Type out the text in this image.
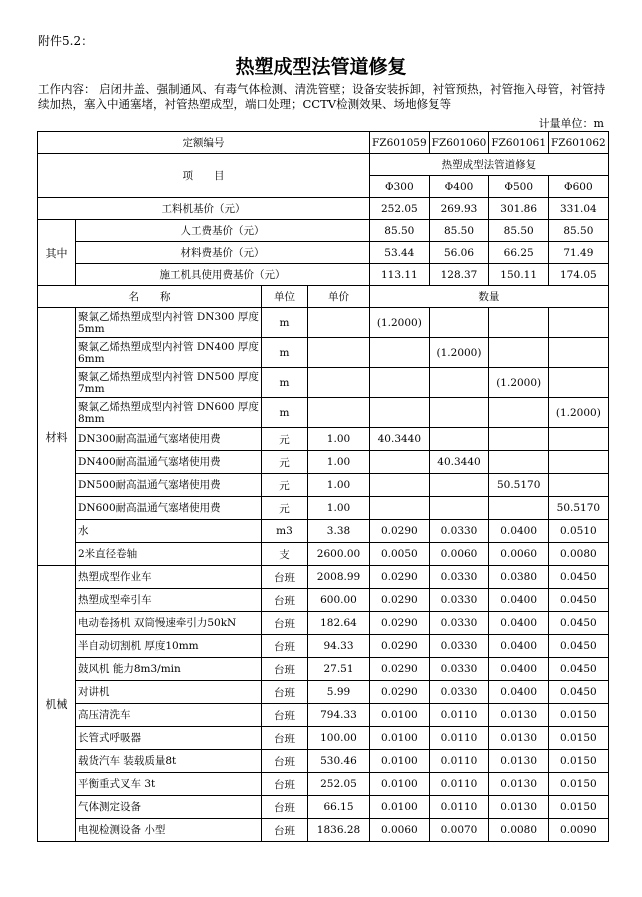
附件5.2：
热塑成型法管道修复
工作内容： 启闭井盖、强制通风、有毒气体检测、清洗管壁；设备安装拆卸，衬管预热，衬管拖入母管，衬管持续加热，塞入中通塞堵，衬管热塑成型，端口处理；CCTV检测效果、场地修复等
计量单位：m
定额编号				FZ601059	FZ601060	FZ601061	FZ601062
项　　目				热塑成型法管道修复			
				Φ300	Φ400	Φ500	Φ600
工料机基价（元）				252.05	269.93	301.86	331.04
其中	人工费基价（元）			85.50	85.50	85.50	85.50
	材料费基价（元）			53.44	56.06	66.25	71.49
	施工机具使用费基价（元）			113.11	128.37	150.11	174.05
名　　称		单位	单价	数量			
材料	聚氯乙烯热塑成型内衬管 DN300 厚度5mm	m		(1.2000)			
	聚氯乙烯热塑成型内衬管 DN400 厚度6mm	m			(1.2000)		
	聚氯乙烯热塑成型内衬管 DN500 厚度7mm	m				(1.2000)	
	聚氯乙烯热塑成型内衬管 DN600 厚度8mm	m					(1.2000)
	DN300耐高温通气塞堵使用费	元	1.00	40.3440			
	DN400耐高温通气塞堵使用费	元	1.00		40.3440		
	DN500耐高温通气塞堵使用费	元	1.00			50.5170	
	DN600耐高温通气塞堵使用费	元	1.00				50.5170
	水	m3	3.38	0.0290	0.0330	0.0400	0.0510
	2米直径卷轴	支	2600.00	0.0050	0.0060	0.0060	0.0080
机械	热塑成型作业车	台班	2008.99	0.0290	0.0330	0.0380	0.0450
	热塑成型牵引车	台班	600.00	0.0290	0.0330	0.0400	0.0450
	电动卷扬机 双筒慢速牵引力50kN	台班	182.64	0.0290	0.0330	0.0400	0.0450
	半自动切割机 厚度10mm	台班	94.33	0.0290	0.0330	0.0400	0.0450
	鼓风机 能力8m3/min	台班	27.51	0.0290	0.0330	0.0400	0.0450
	对讲机	台班	5.99	0.0290	0.0330	0.0400	0.0450
	高压清洗车	台班	794.33	0.0100	0.0110	0.0130	0.0150
	长管式呼吸器	台班	100.00	0.0100	0.0110	0.0130	0.0150
	载货汽车 装载质量8t	台班	530.46	0.0100	0.0110	0.0130	0.0150
	平衡重式叉车 3t	台班	252.05	0.0100	0.0110	0.0130	0.0150
	气体测定设备	台班	66.15	0.0100	0.0110	0.0130	0.0150
	电视检测设备 小型	台班	1836.28	0.0060	0.0070	0.0080	0.0090
